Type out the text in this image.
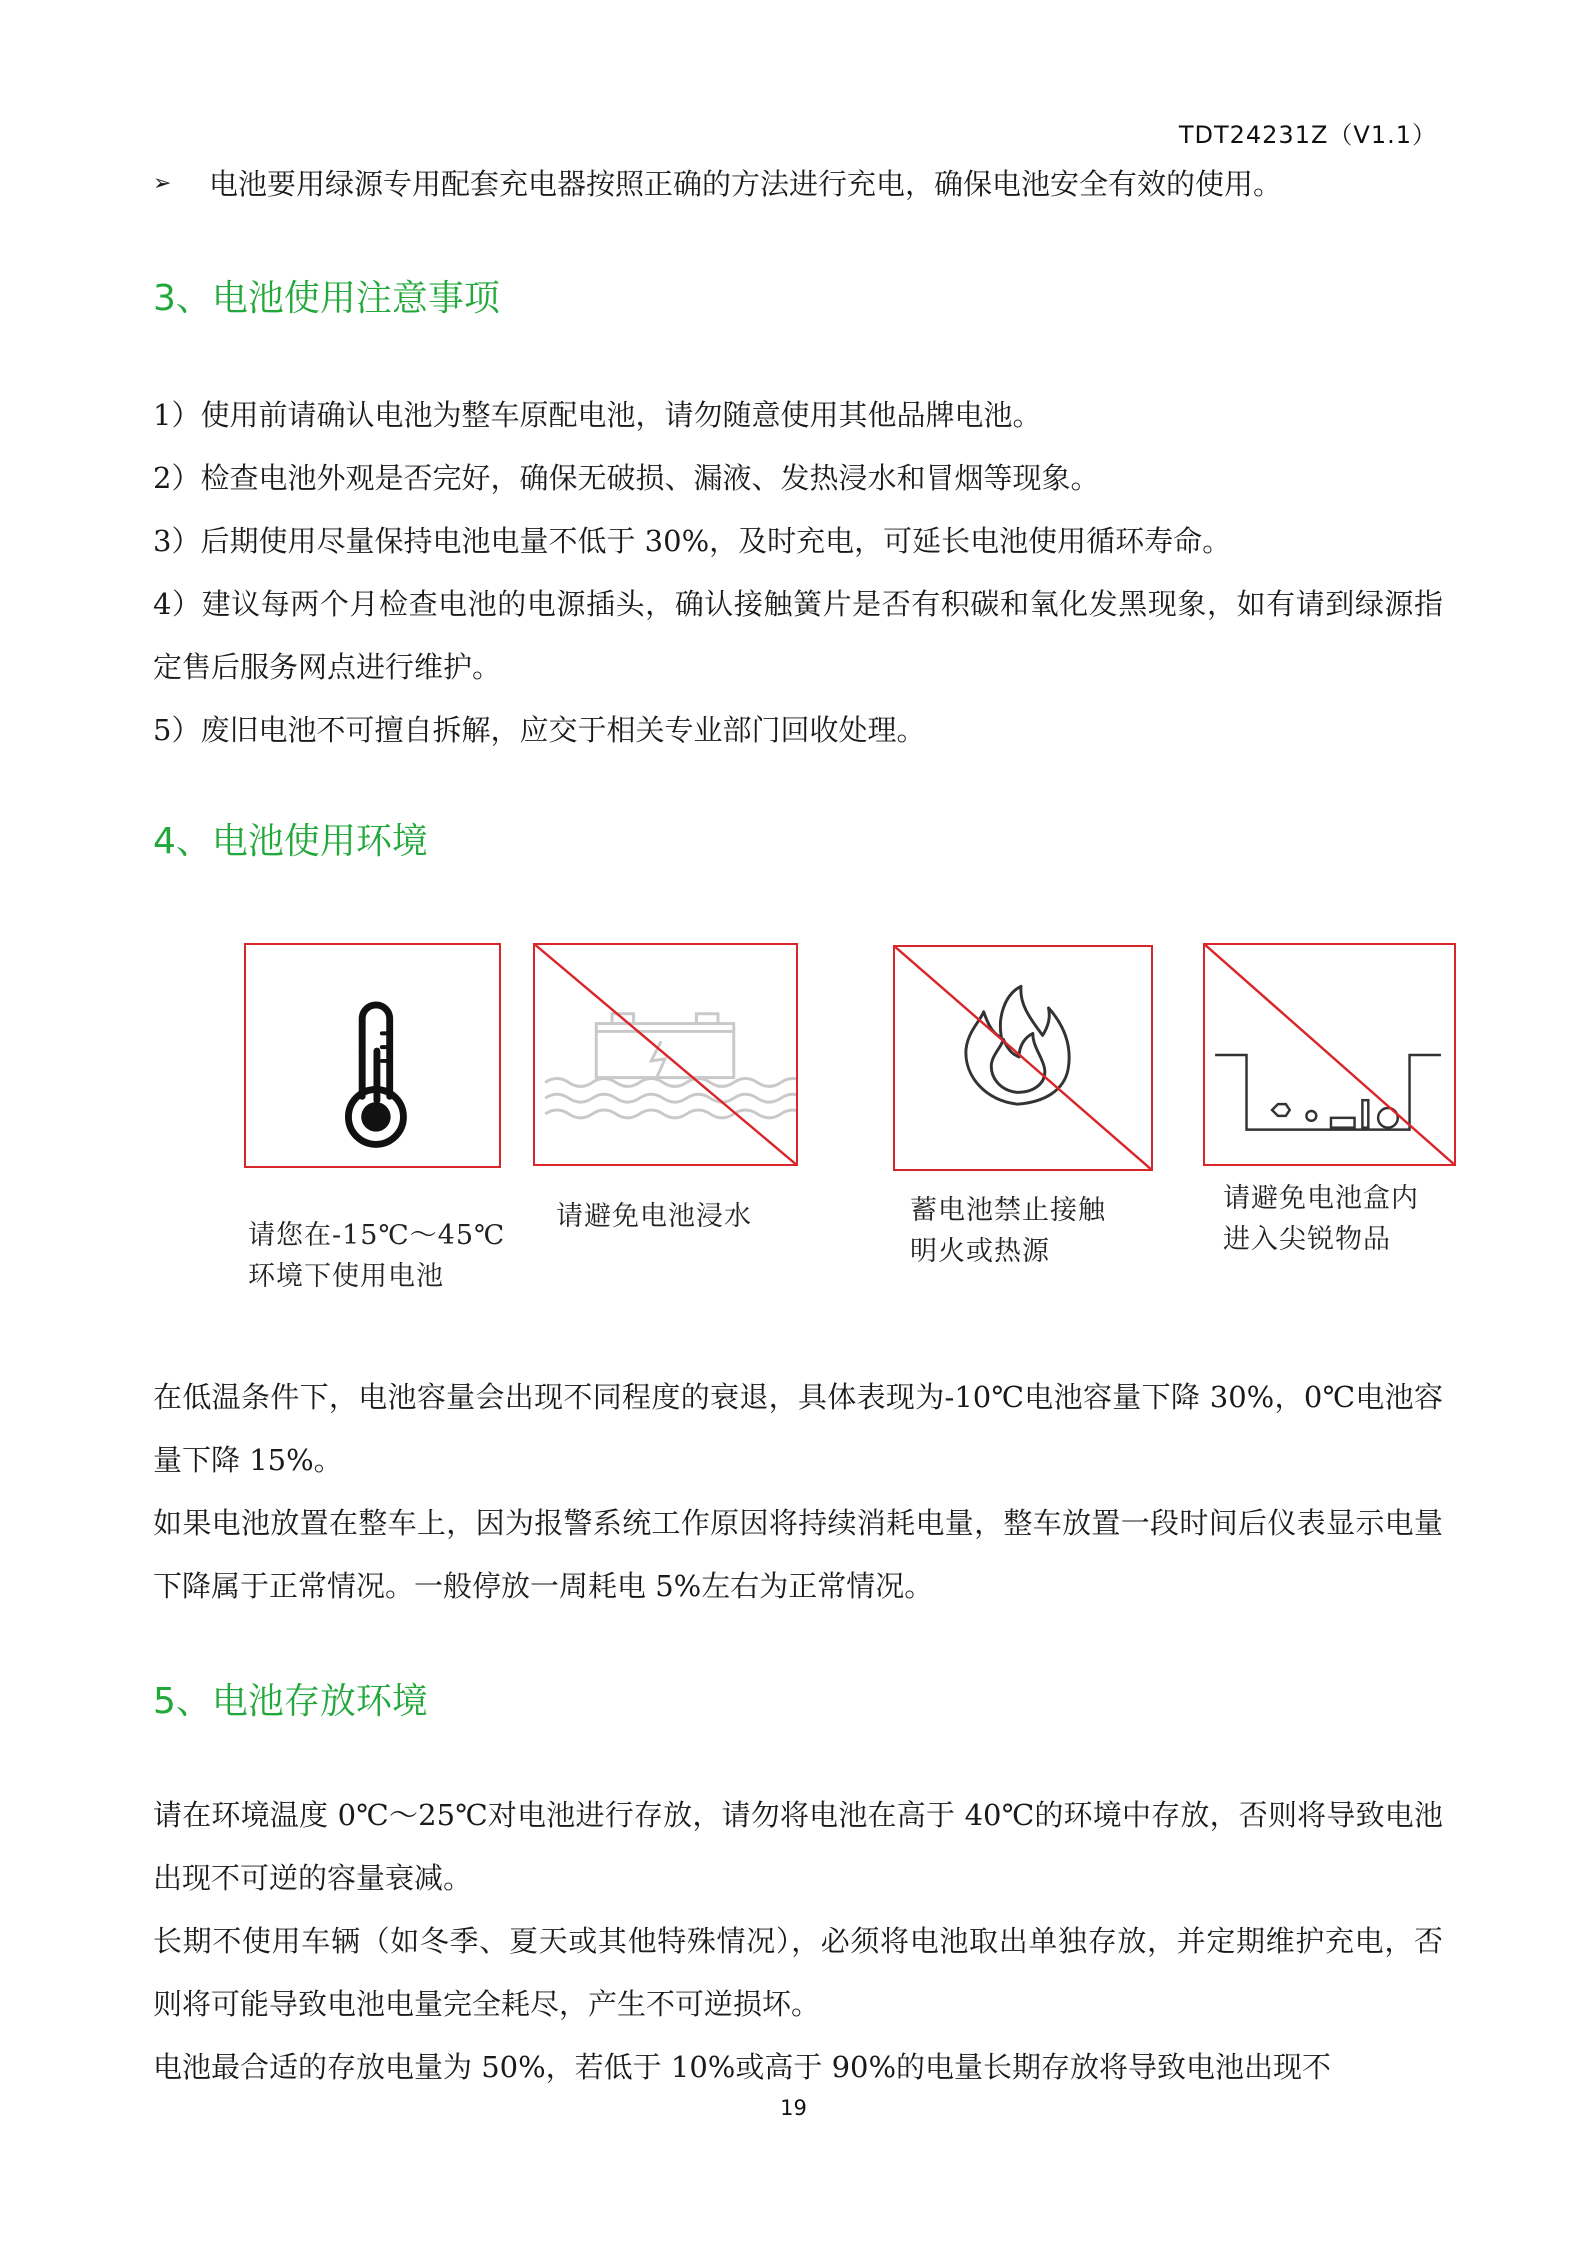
TDT24231Z（V1.1）
➢	电池要用绿源专用配套充电器按照正确的方法进行充电，确保电池安全有效的使用。
3、电池使用注意事项

1）使用前请确认电池为整车原配电池，请勿随意使用其他品牌电池。

2）检查电池外观是否完好，确保无破损、漏液、发热浸水和冒烟等现象。

3）后期使用尽量保持电池电量不低于 30%，及时充电，可延长电池使用循环寿命。

4）建议每两个月检查电池的电源插头，确认接触簧片是否有积碳和氧化发黑现象，如有请到绿源指定售后服务网点进行维护。

5）废旧电池不可擅自拆解，应交于相关专业部门回收处理。

4、电池使用环境
请您在-15℃～45℃
环境下使用电池
请避免电池浸水	蓄电池禁止接触
明火或热源
请避免电池盒内
进入尖锐物品

在低温条件下，电池容量会出现不同程度的衰退，具体表现为-10℃电池容量下降 30%，0℃电池容量下降 15%。

如果电池放置在整车上，因为报警系统工作原因将持续消耗电量，整车放置一段时间后仪表显示电量下降属于正常情况。一般停放一周耗电 5%左右为正常情况。

5、电池存放环境

请在环境温度 0℃～25℃对电池进行存放，请勿将电池在高于 40℃的环境中存放，否则将导致电池出现不可逆的容量衰减。

长期不使用车辆（如冬季、夏天或其他特殊情况），必须将电池取出单独存放，并定期维护充电，否则将可能导致电池电量完全耗尽，产生不可逆损坏。

电池最合适的存放电量为 50%，若低于 10%或高于 90%的电量长期存放将导致电池出现不

19
